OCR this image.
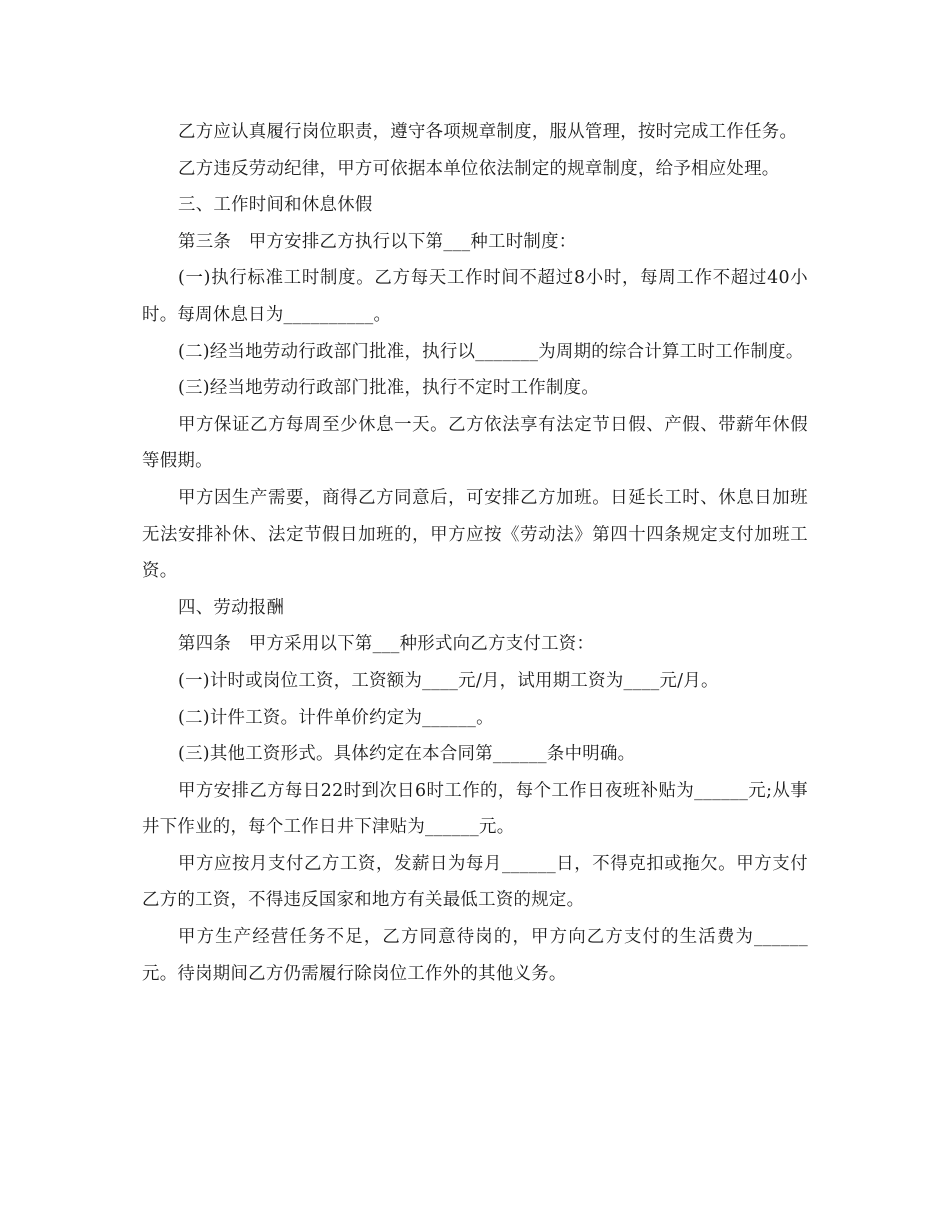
乙方应认真履行岗位职责，遵守各项规章制度，服从管理，按时完成工作任务。

乙方违反劳动纪律，甲方可依据本单位依法制定的规章制度，给予相应处理。

三、工作时间和休息休假

第三条　甲方安排乙方执行以下第___种工时制度：

(一)执行标准工时制度。乙方每天工作时间不超过8小时，每周工作不超过40小时。每周休息日为__________。

(二)经当地劳动行政部门批准，执行以_______为周期的综合计算工时工作制度。

(三)经当地劳动行政部门批准，执行不定时工作制度。

甲方保证乙方每周至少休息一天。乙方依法享有法定节日假、产假、带薪年休假等假期。

甲方因生产需要，商得乙方同意后，可安排乙方加班。日延长工时、休息日加班无法安排补休、法定节假日加班的，甲方应按《劳动法》第四十四条规定支付加班工资。

四、劳动报酬

第四条　甲方采用以下第___种形式向乙方支付工资：

(一)计时或岗位工资，工资额为____元/月，试用期工资为____元/月。

(二)计件工资。计件单价约定为______。

(三)其他工资形式。具体约定在本合同第______条中明确。

甲方安排乙方每日22时到次日6时工作的，每个工作日夜班补贴为______元;从事井下作业的，每个工作日井下津贴为______元。

甲方应按月支付乙方工资，发薪日为每月______日，不得克扣或拖欠。甲方支付乙方的工资，不得违反国家和地方有关最低工资的规定。

甲方生产经营任务不足，乙方同意待岗的，甲方向乙方支付的生活费为______元。待岗期间乙方仍需履行除岗位工作外的其他义务。
